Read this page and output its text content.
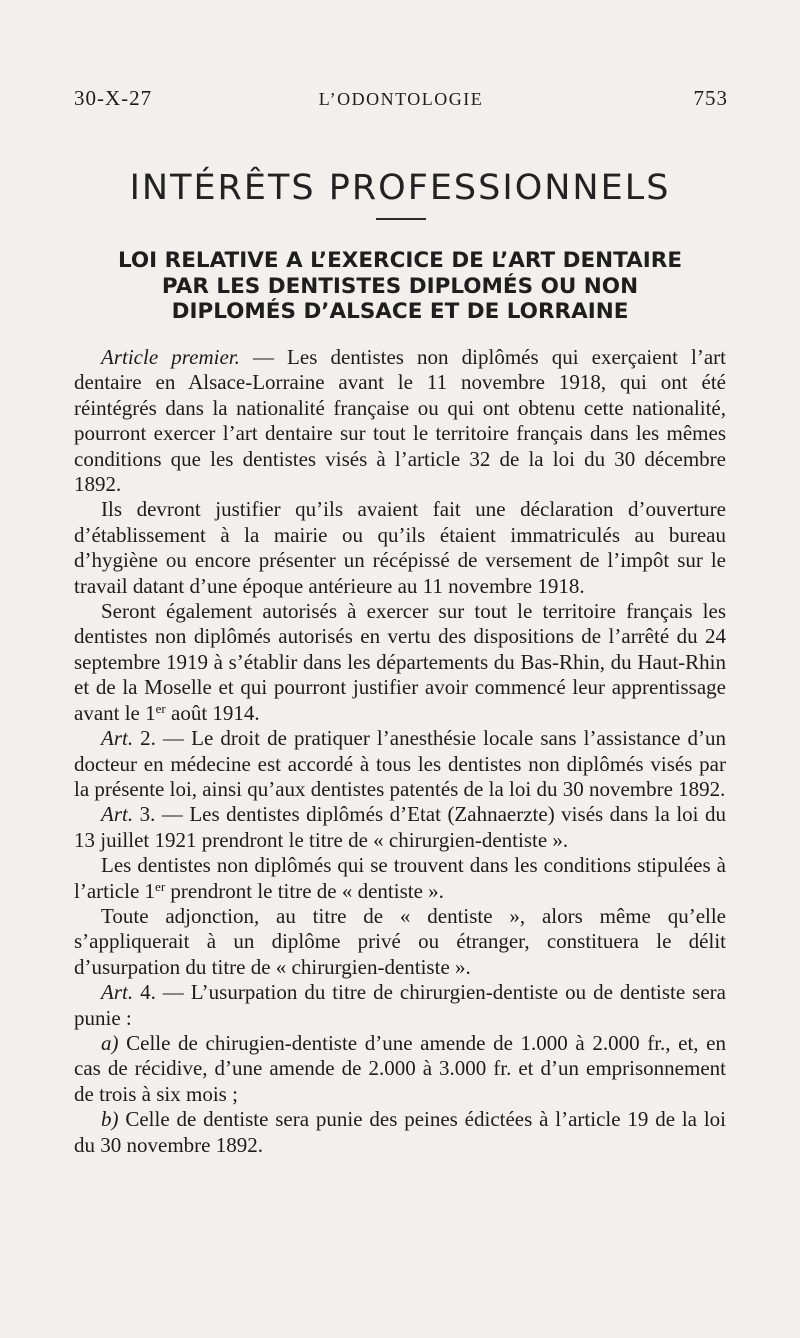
30-X-27	L’ODONTOLOGIE	753
INTÉRÊTS PROFESSIONNELS
LOI RELATIVE A L’EXERCICE DE L’ART DENTAIRE
PAR LES DENTISTES DIPLOMÉS OU NON
DIPLOMÉS D’ALSACE ET DE LORRAINE

Article premier. — Les dentistes non diplômés qui exerçaient l’art dentaire en Alsace-Lorraine avant le 11 novembre 1918, qui ont été réintégrés dans la nationalité française ou qui ont obtenu cette nationalité, pourront exercer l’art dentaire sur tout le territoire français dans les mêmes conditions que les dentistes visés à l’article 32 de la loi du 30 décembre 1892.

Ils devront justifier qu’ils avaient fait une déclaration d’ouverture d’établissement à la mairie ou qu’ils étaient immatriculés au bureau d’hygiène ou encore présenter un récépissé de versement de l’impôt sur le travail datant d’une époque antérieure au 11 novembre 1918.

Seront également autorisés à exercer sur tout le territoire français les dentistes non diplômés autorisés en vertu des dispositions de l’arrêté du 24 septembre 1919 à s’établir dans les départements du Bas-Rhin, du Haut-Rhin et de la Moselle et qui pourront justifier avoir commencé leur apprentissage avant le 1er août 1914.

Art. 2. — Le droit de pratiquer l’anesthésie locale sans l’assistance d’un docteur en médecine est accordé à tous les dentistes non diplômés visés par la présente loi, ainsi qu’aux dentistes patentés de la loi du 30 novembre 1892.

Art. 3. — Les dentistes diplômés d’Etat (Zahnaerzte) visés dans la loi du 13 juillet 1921 prendront le titre de « chirurgien-dentiste ».

Les dentistes non diplômés qui se trouvent dans les conditions stipulées à l’article 1er prendront le titre de « dentiste ».

Toute adjonction, au titre de « dentiste », alors même qu’elle s’appliquerait à un diplôme privé ou étranger, constituera le délit d’usurpation du titre de « chirurgien-dentiste ».

Art. 4. — L’usurpation du titre de chirurgien-dentiste ou de dentiste sera punie :

a) Celle de chirugien-dentiste d’une amende de 1.000 à 2.000 fr., et, en cas de récidive, d’une amende de 2.000 à 3.000 fr. et d’un emprisonnement de trois à six mois ;

b) Celle de dentiste sera punie des peines édictées à l’article 19 de la loi du 30 novembre 1892.
